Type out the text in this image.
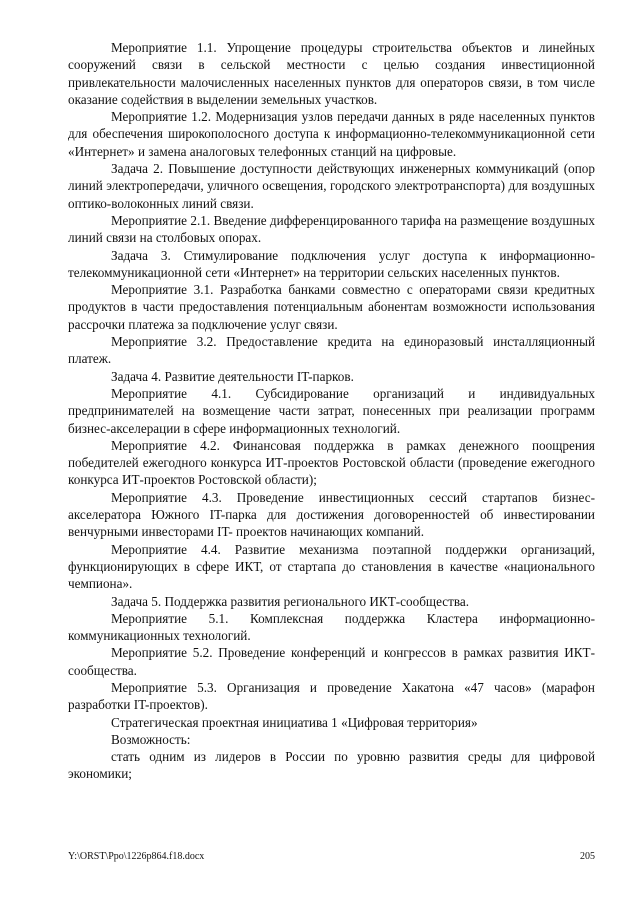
Мероприятие 1.1. Упрощение процедуры строительства объектов и линейных сооружений связи в сельской местности с целью создания инвестиционной привлекательности малочисленных населенных пунктов для операторов связи, в том числе оказание содействия в выделении земельных участков.

Мероприятие 1.2. Модернизация узлов передачи данных в ряде населенных пунктов для обеспечения широкополосного доступа к информационно-телекоммуникационной сети «Интернет» и замена аналоговых телефонных станций на цифровые.

Задача 2. Повышение доступности действующих инженерных коммуникаций (опор линий электропередачи, уличного освещения, городского электротранспорта) для воздушных оптико-волоконных линий связи.

Мероприятие 2.1. Введение дифференцированного тарифа на размещение воздушных линий связи на столбовых опорах.

Задача 3. Стимулирование подключения услуг доступа к информационно-телекоммуникационной сети «Интернет» на территории сельских населенных пунктов.

Мероприятие 3.1. Разработка банками совместно с операторами связи кредитных продуктов в части предоставления потенциальным абонентам возможности использования рассрочки платежа за подключение услуг связи.

Мероприятие 3.2. Предоставление кредита на единоразовый инсталляционный платеж.

Задача 4. Развитие деятельности IT-парков.

Мероприятие 4.1. Субсидирование организаций и индивидуальных предпринимателей на возмещение части затрат, понесенных при реализации программ бизнес-акселерации в сфере информационных технологий.

Мероприятие 4.2. Финансовая поддержка в рамках денежного поощрения победителей ежегодного конкурса ИТ-проектов Ростовской области (проведение ежегодного конкурса ИТ-проектов Ростовской области);

Мероприятие 4.3. Проведение инвестиционных сессий стартапов бизнес-акселератора Южного IT-парка для достижения договоренностей об инвестировании венчурными инвесторами IT- проектов начинающих компаний.

Мероприятие 4.4. Развитие механизма поэтапной поддержки организаций, функционирующих в сфере ИКТ, от стартапа до становления в качестве «национального чемпиона».

Задача 5. Поддержка развития регионального ИКТ-сообщества.

Мероприятие 5.1. Комплексная поддержка Кластера информационно-коммуникационных технологий.

Мероприятие 5.2. Проведение конференций и конгрессов в рамках развития ИКТ-сообщества.

Мероприятие 5.3. Организация и проведение Хакатона «47 часов» (марафон разработки IT-проектов).

Стратегическая проектная инициатива 1 «Цифровая территория»

Возможность:

стать одним из лидеров в России по уровню развития среды для цифровой экономики;

Y:\ORST\Ppo\1226p864.f18.docx	205
